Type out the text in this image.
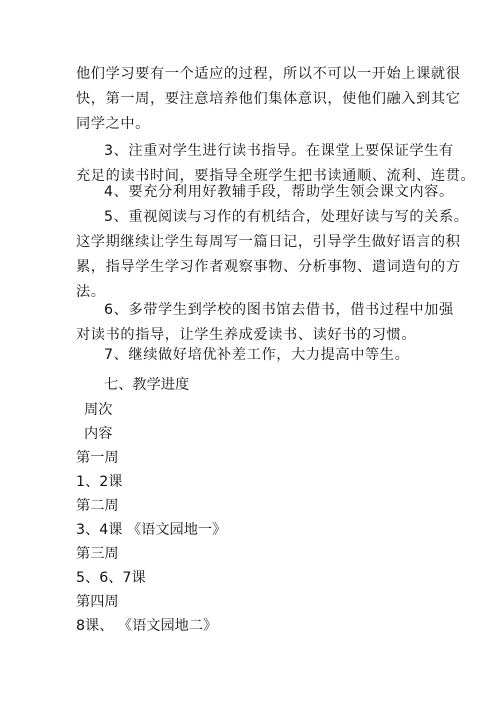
他们学习要有一个适应的过程，所以不可以一开始上课就很
快，第一周，要注意培养他们集体意识，使他们融入到其它
同学之中。
3、注重对学生进行读书指导。在课堂上要保证学生有
充足的读书时间，要指导全班学生把书读通顺、流利、连贯。
4、要充分利用好教辅手段，帮助学生领会课文内容。
5、重视阅读与习作的有机结合，处理好读与写的关系。
这学期继续让学生每周写一篇日记，引导学生做好语言的积
累，指导学生学习作者观察事物、分析事物、遣词造句的方
法。
6、多带学生到学校的图书馆去借书，借书过程中加强
对读书的指导，让学生养成爱读书、读好书的习惯。
7、继续做好培优补差工作，大力提高中等生。
七、教学进度
周次
内容
第一周
1、2课
第二周
3、4课 《语文园地一》
第三周
5、6、7课
第四周
8课、 《语文园地二》
